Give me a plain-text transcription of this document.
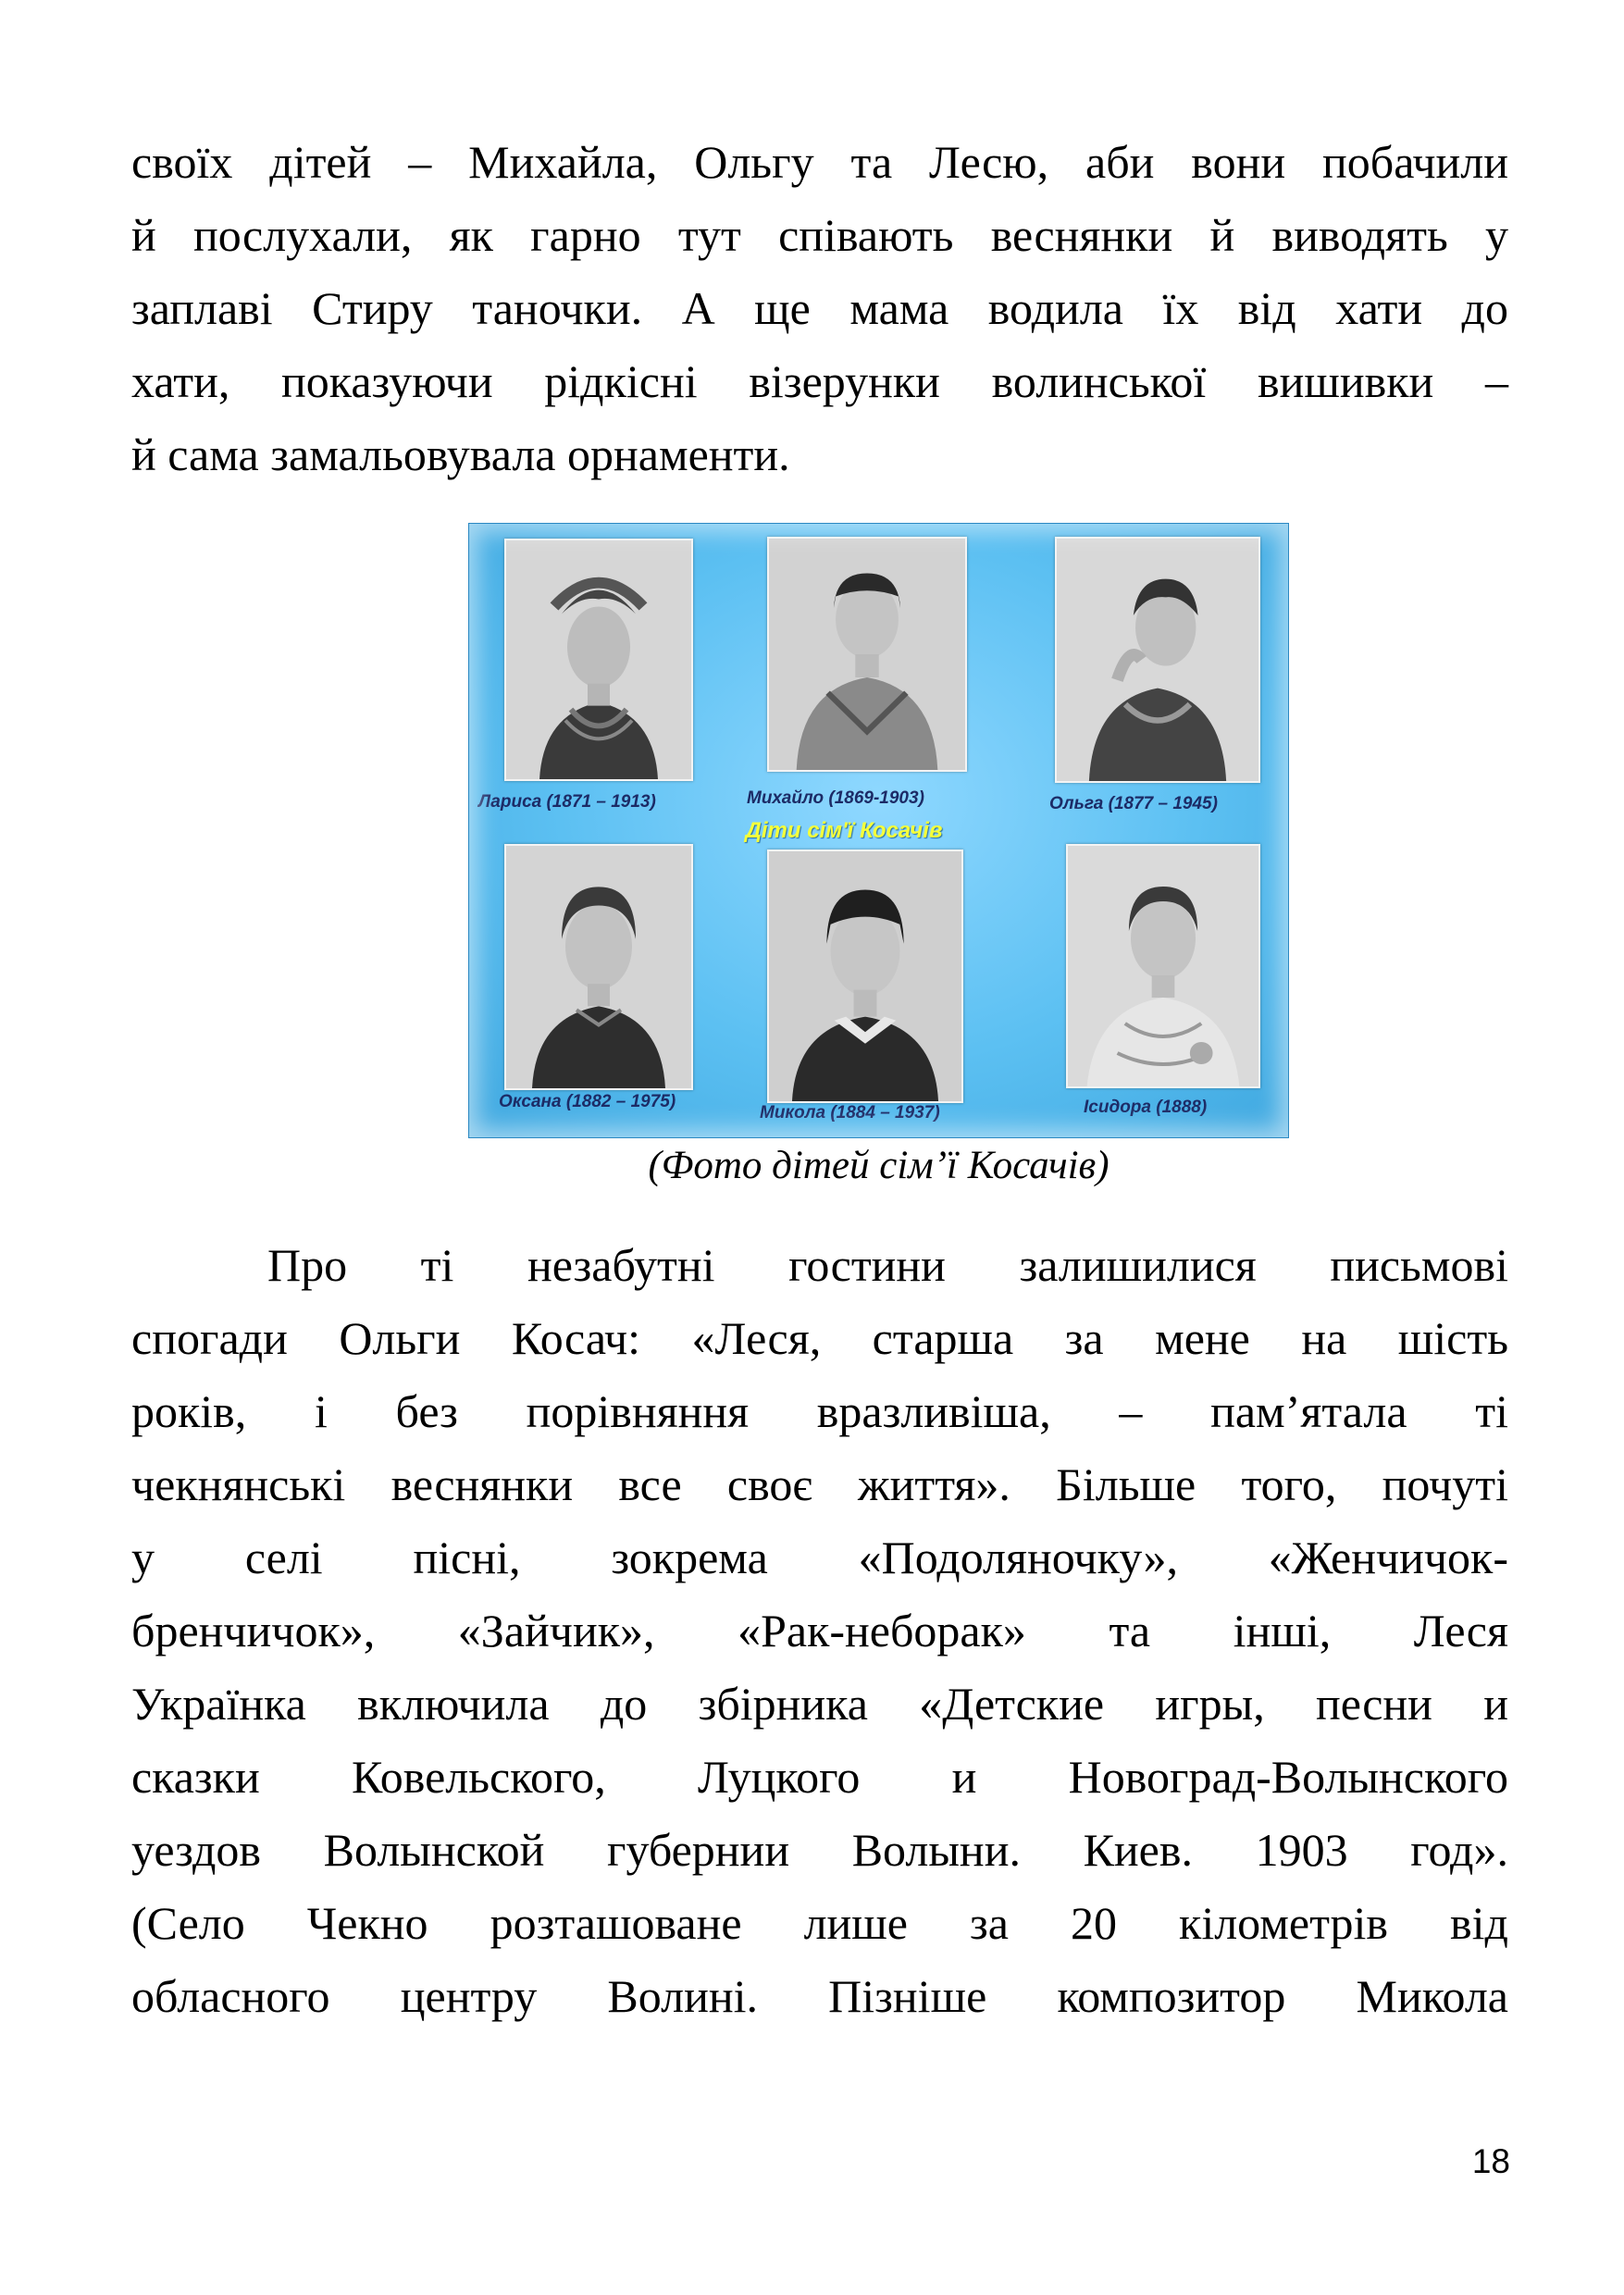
своїх дітей – Михайла, Ольгу та Лесю, аби вони побачили
й послухали, як гарно тут співають веснянки й виводять у
заплаві Стиру таночки. А ще мама водила їх від хати до
хати, показуючи рідкісні візерунки волинської вишивки –
й сама замальовувала орнаменти.
Лариса (1871 – 1913)	Михайло (1869-1903)	Ольга (1877 – 1945)
Діти сім'ї Косачів
Оксана (1882 – 1975)
Микола (1884 – 1937)	Ісидора (1888)

(Фото дітей сім’ї Косачів)

Про ті незабутні гостини залишилися письмові
спогади Ольги Косач: «Леся, старша за мене на шість
років, і без порівняння вразливіша, – пам’ятала ті
чекнянські веснянки все своє життя». Більше того, почуті
у селі пісні, зокрема «Подоляночку», «Женчичок-
бренчичок», «Зайчик», «Рак-неборак» та інші, Леся
Українка включила до збірника «Детские игры, песни и
сказки Ковельского, Луцкого и Новоград-Волынского
уездов Волынской губернии Волыни. Киев. 1903 год».
(Село Чекно розташоване лише за 20 кілометрів від
обласного центру Волині. Пізніше композитор Микола

18
